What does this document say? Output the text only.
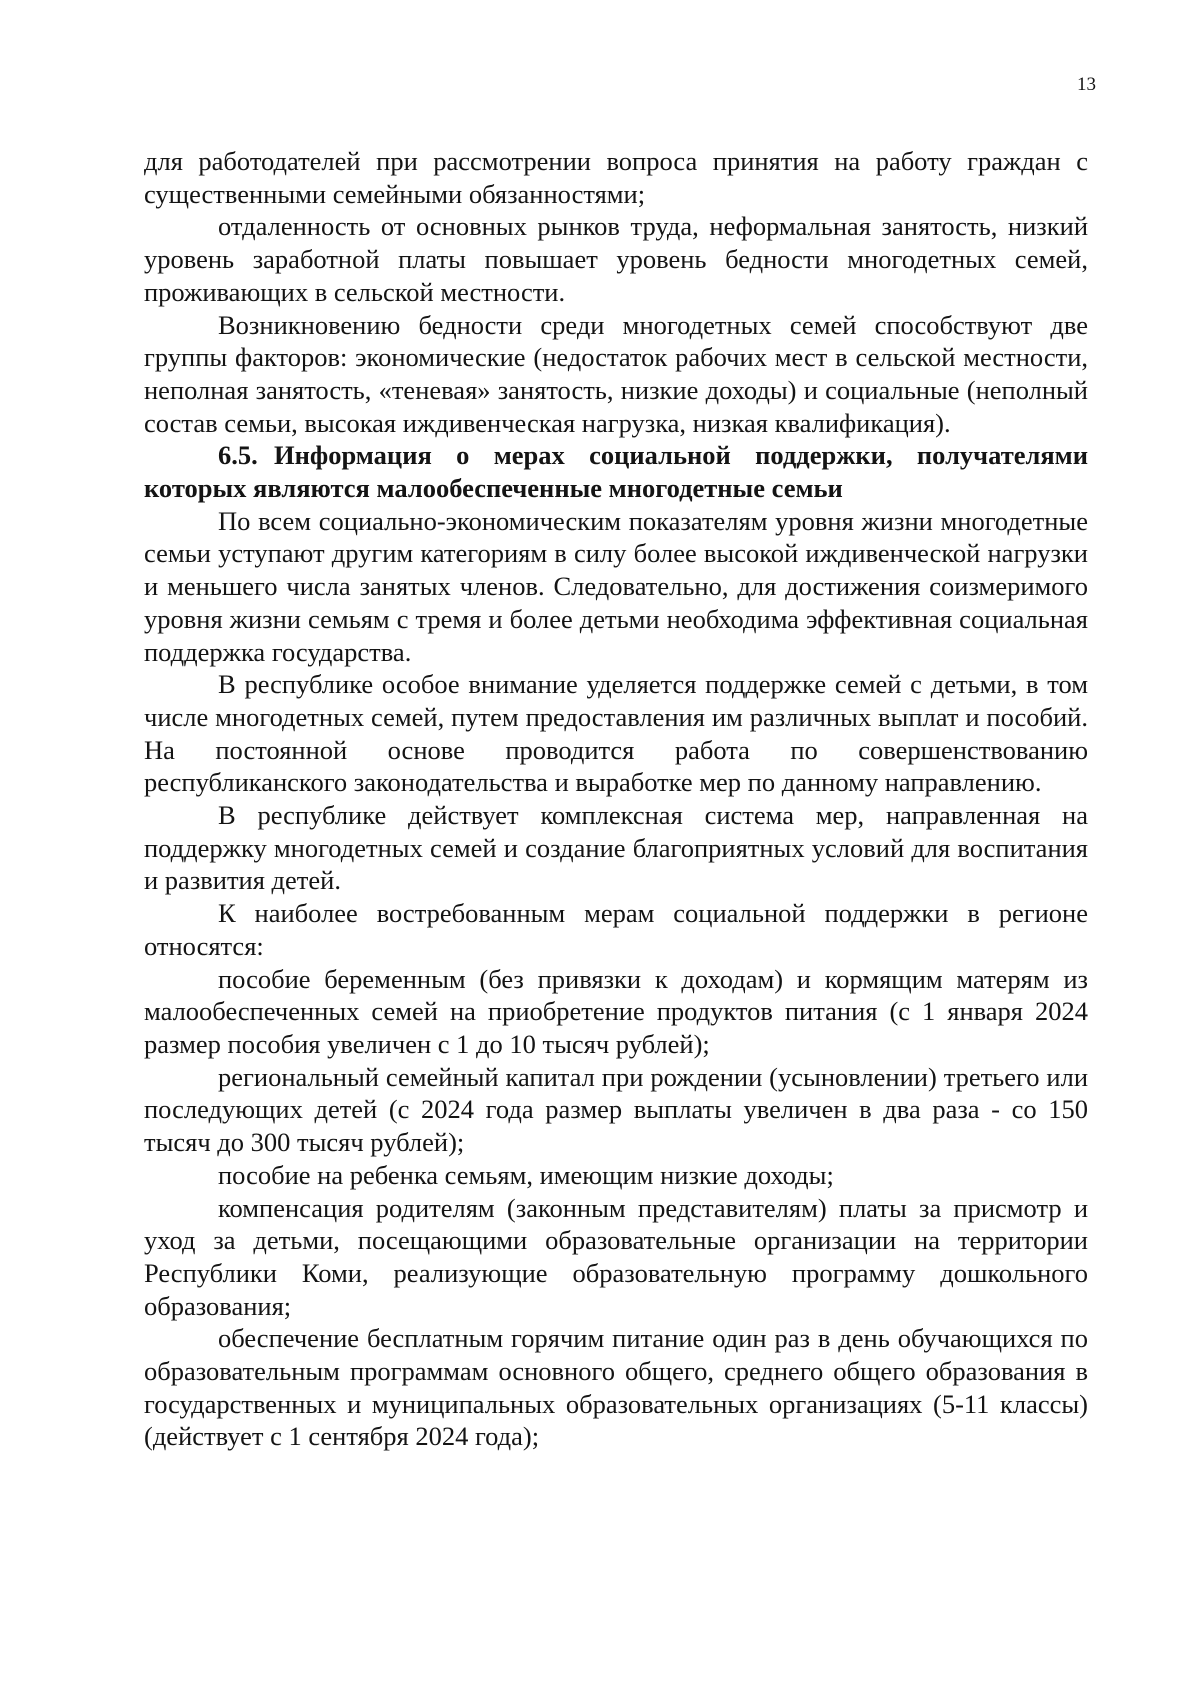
13

для работодателей при рассмотрении вопроса принятия на работу граждан с существенными семейными обязанностями;

отдаленность от основных рынков труда, неформальная занятость, низкий уровень заработной платы повышает уровень бедности многодетных семей, проживающих в сельской местности.

Возникновению бедности среди многодетных семей способствуют две группы факторов: экономические (недостаток рабочих мест в сельской местности, неполная занятость, «теневая» занятость, низкие доходы) и социальные (неполный состав семьи, высокая иждивенческая нагрузка, низкая квалификация).

6.5. Информация о мерах социальной поддержки, получателями которых являются малообеспеченные многодетные семьи

По всем социально-экономическим показателям уровня жизни многодетные семьи уступают другим категориям в силу более высокой иждивенческой нагрузки и меньшего числа занятых членов. Следовательно, для достижения соизмеримого уровня жизни семьям с тремя и более детьми необходима эффективная социальная поддержка государства.

В республике особое внимание уделяется поддержке семей с детьми, в том числе многодетных семей, путем предоставления им различных выплат и пособий. На постоянной основе проводится работа по совершенствованию республиканского законодательства и выработке мер по данному направлению.

В республике действует комплексная система мер, направленная на поддержку многодетных семей и создание благоприятных условий для воспитания и развития детей.

К наиболее востребованным мерам социальной поддержки в регионе относятся:

пособие беременным (без привязки к доходам) и кормящим матерям из малообеспеченных семей на приобретение продуктов питания (с 1 января 2024 размер пособия увеличен с 1 до 10 тысяч рублей);

региональный семейный капитал при рождении (усыновлении) третьего или последующих детей (с 2024 года размер выплаты увеличен в два раза - со 150 тысяч до 300 тысяч рублей);

пособие на ребенка семьям, имеющим низкие доходы;

компенсация родителям (законным представителям) платы за присмотр и уход за детьми, посещающими образовательные организации на территории Республики Коми, реализующие образовательную программу дошкольного образования;

обеспечение бесплатным горячим питание один раз в день обучающихся по образовательным программам основного общего, среднего общего образования в государственных и муниципальных образовательных организациях (5-11 классы) (действует с 1 сентября 2024 года);
